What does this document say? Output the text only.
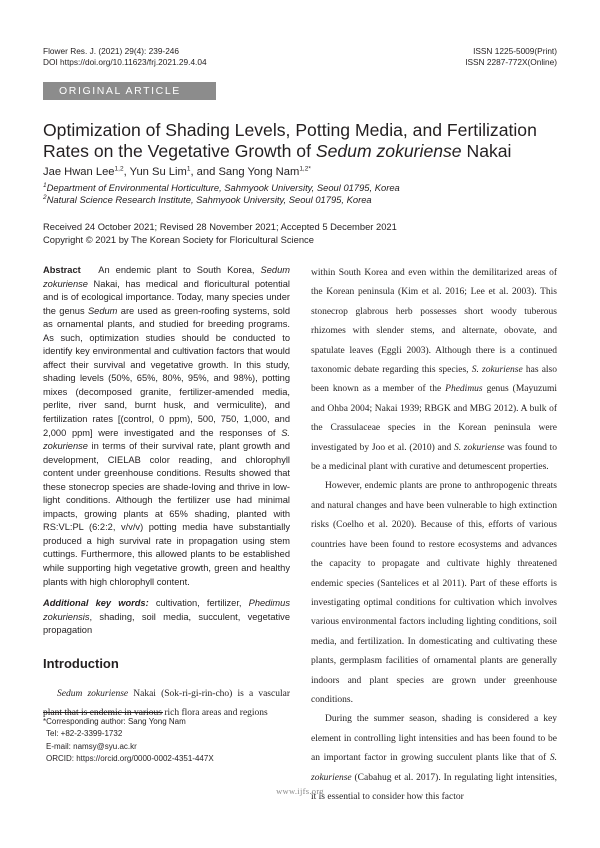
Flower Res. J. (2021) 29(4): 239-246
DOI https://doi.org/10.11623/frj.2021.29.4.04
ISSN 1225-5009(Print)
ISSN 2287-772X(Online)
ORIGINAL ARTICLE
Optimization of Shading Levels, Potting Media, and Fertilization
Rates on the Vegetative Growth of Sedum zokuriense Nakai
Jae Hwan Lee$^{1,2}$, Yun Su Lim$^1$, and Sang Yong Nam$^{1,2*}$
$^1$Department of Environmental Horticulture, Sahmyook University, Seoul 01795, Korea
$^2$Natural Science Research Institute, Sahmyook University, Seoul 01795, Korea
Received 24 October 2021; Revised 28 November 2021; Accepted 5 December 2021
Copyright © 2021 by The Korean Society for Floricultural Science

Abstract An endemic plant to South Korea, Sedum zokuriense Nakai, has medical and floricultural potential and is of ecological importance. Today, many species under the genus Sedum are used as green-roofing systems, sold as ornamental plants, and studied for breeding programs. As such, optimization studies should be conducted to identify key environmental and cultivation factors that would affect their survival and vegetative growth. In this study, shading levels (50%, 65%, 80%, 95%, and 98%), potting mixes (decomposed granite, fertilizer-amended media, perlite, river sand, burnt husk, and vermiculite), and fertilization rates [(control, 0 ppm), 500, 750, 1,000, and 2,000 ppm] were investigated and the responses of S. zokuriense in terms of their survival rate, plant growth and development, CIELAB color reading, and chlorophyll content under greenhouse conditions. Results showed that these stonecrop species are shade-loving and thrive in low-light conditions. Although the fertilizer use had minimal impacts, growing plants at 65% shading, planted with RS:VL:PL (6:2:2, v/v/v) potting media have substantially produced a high survival rate in propagation using stem cuttings. Furthermore, this allowed plants to be established while supporting high vegetative growth, green and healthy plants with high chlorophyll content.

Additional key words: cultivation, fertilizer, Phedimus zokuriensis, shading, soil media, succulent, vegetative propagation

Introduction

Sedum zokuriense Nakai (Sok-ri-gi-rin-cho) is a vascular plant that is endemic in various rich flora areas and regions

within South Korea and even within the demilitarized areas of the Korean peninsula (Kim et al. 2016; Lee et al. 2003). This stonecrop glabrous herb possesses short woody tuberous rhizomes with slender stems, and alternate, obovate, and spatulate leaves (Eggli 2003). Although there is a continued taxonomic debate regarding this species, S. zokuriense has also been known as a member of the Phedimus genus (Mayuzumi and Ohba 2004; Nakai 1939; RBGK and MBG 2012). A bulk of the Crassulaceae species in the Korean peninsula were investigated by Joo et al. (2010) and S. zokuriense was found to be a medicinal plant with curative and detumescent properties.

However, endemic plants are prone to anthropogenic threats and natural changes and have been vulnerable to high extinction risks (Coelho et al. 2020). Because of this, efforts of various countries have been found to restore ecosystems and advances the capacity to propagate and cultivate highly threatened endemic species (Santelices et al 2011). Part of these efforts is investigating optimal conditions for cultivation which involves various environmental factors including lighting conditions, soil media, and fertilization. In domesticating and cultivating these plants, germplasm facilities of ornamental plants are generally indoors and plant species are grown under greenhouse conditions.

During the summer season, shading is considered a key element in controlling light intensities and has been found to be an important factor in growing succulent plants like that of S. zokuriense (Cabahug et al. 2017). In regulating light intensities, it is essential to consider how this factor

*Corresponding author: Sang Yong Nam
Tel: +82-2-3399-1732
E-mail: namsy@syu.ac.kr
ORCID: https://orcid.org/0000-0002-4351-447X
www.ijfs.org
